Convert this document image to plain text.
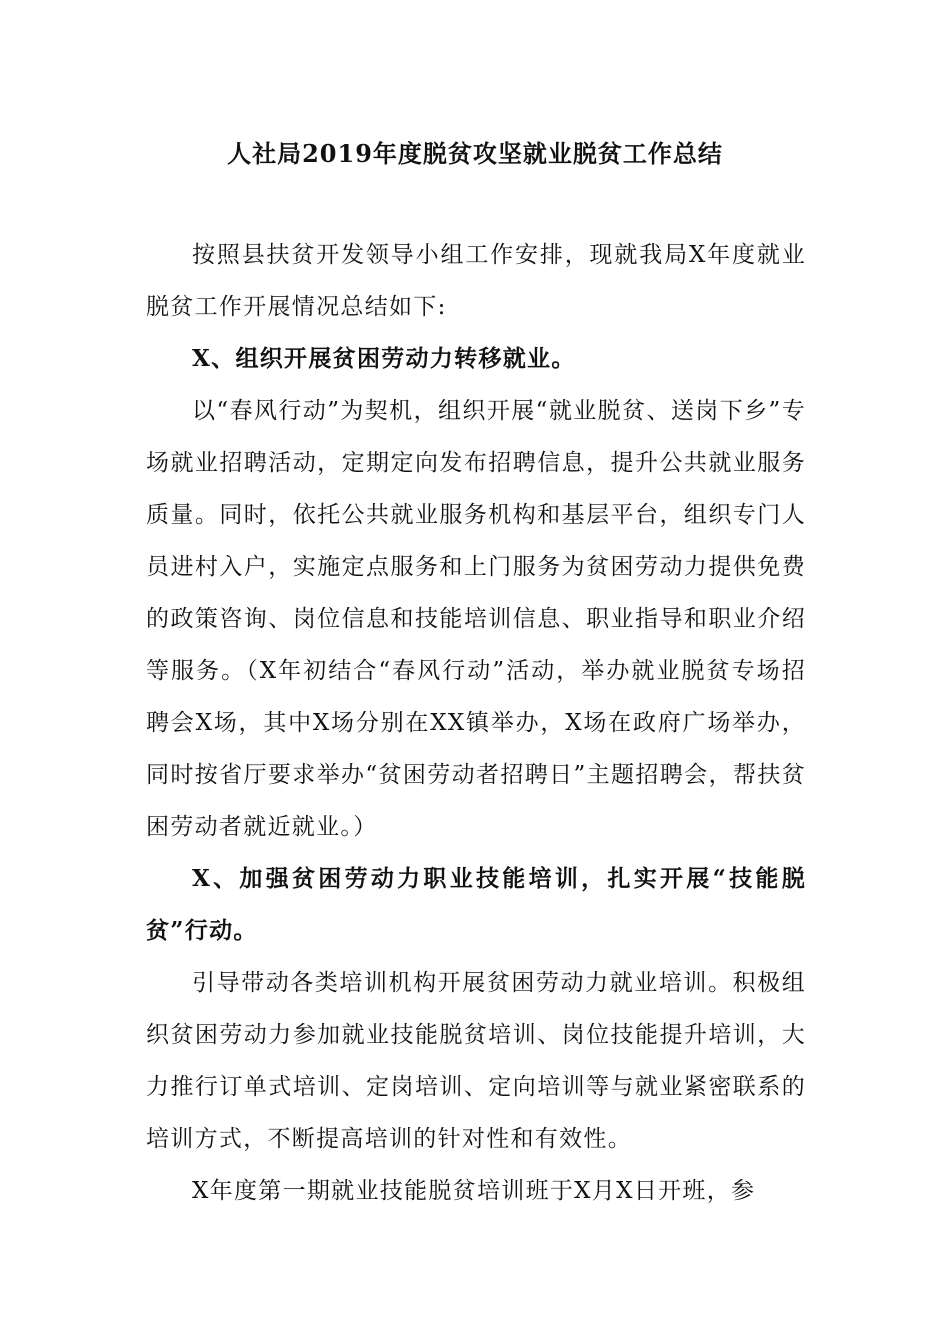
人社局2019年度脱贫攻坚就业脱贫工作总结

按照县扶贫开发领导小组工作安排，现就我局X年度就业脱贫工作开展情况总结如下:

X、组织开展贫困劳动力转移就业。

以“春风行动”为契机，组织开展“就业脱贫、送岗下乡”专场就业招聘活动，定期定向发布招聘信息，提升公共就业服务质量。同时，依托公共就业服务机构和基层平台，组织专门人员进村入户，实施定点服务和上门服务为贫困劳动力提供免费的政策咨询、岗位信息和技能培训信息、职业指导和职业介绍等服务。（X年初结合“春风行动”活动，举办就业脱贫专场招聘会X场，其中X场分别在XX镇举办，X场在政府广场举办，同时按省厅要求举办“贫困劳动者招聘日”主题招聘会，帮扶贫困劳动者就近就业。）

X、加强贫困劳动力职业技能培训，扎实开展“技能脱贫”行动。

引导带动各类培训机构开展贫困劳动力就业培训。积极组织贫困劳动力参加就业技能脱贫培训、岗位技能提升培训，大力推行订单式培训、定岗培训、定向培训等与就业紧密联系的培训方式，不断提高培训的针对性和有效性。

X年度第一期就业技能脱贫培训班于X月X日开班，参
